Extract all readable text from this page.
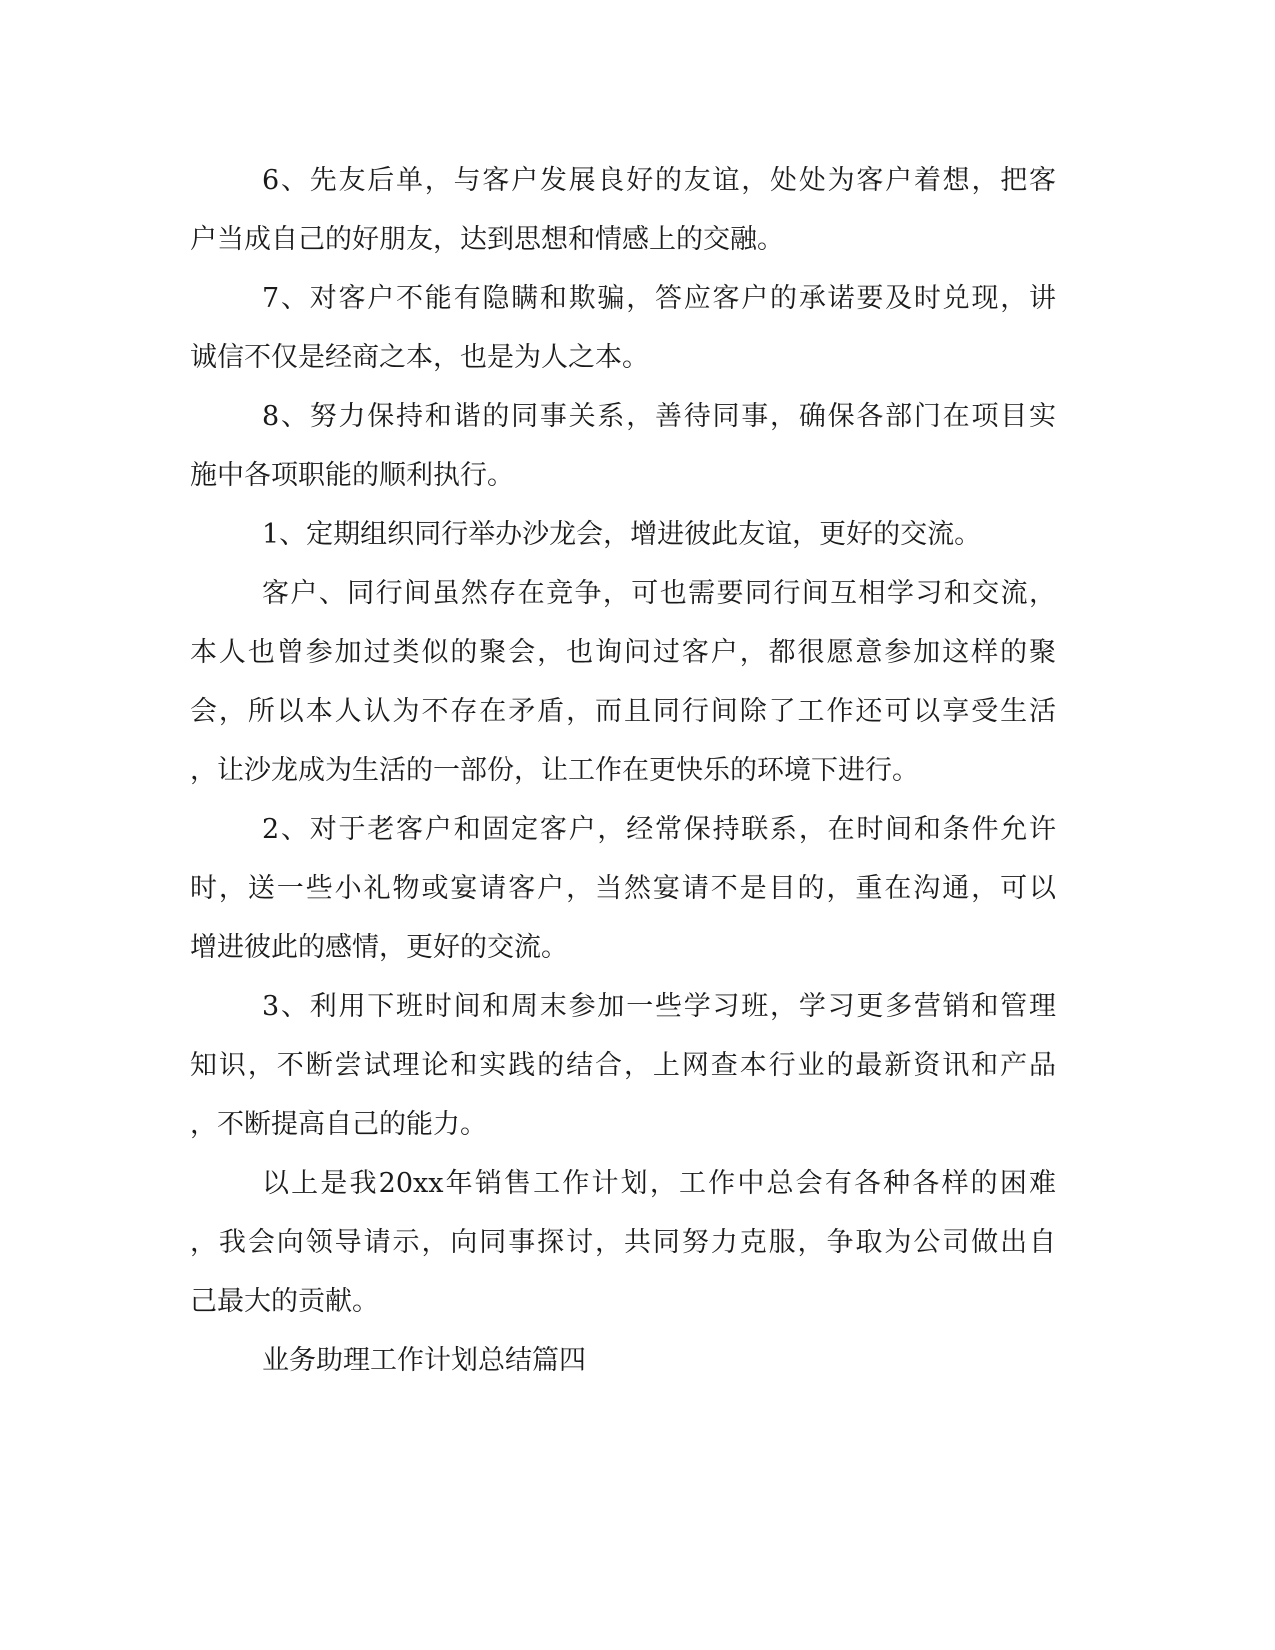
6、先友后单，与客户发展良好的友谊，处处为客户着想，把客
户当成自己的好朋友，达到思想和情感上的交融。
7、对客户不能有隐瞒和欺骗，答应客户的承诺要及时兑现，讲
诚信不仅是经商之本，也是为人之本。
8、努力保持和谐的同事关系，善待同事，确保各部门在项目实
施中各项职能的顺利执行。
1、定期组织同行举办沙龙会，增进彼此友谊，更好的交流。
客户、同行间虽然存在竞争，可也需要同行间互相学习和交流，
本人也曾参加过类似的聚会，也询问过客户，都很愿意参加这样的聚
会，所以本人认为不存在矛盾，而且同行间除了工作还可以享受生活
，让沙龙成为生活的一部份，让工作在更快乐的环境下进行。
2、对于老客户和固定客户，经常保持联系，在时间和条件允许
时，送一些小礼物或宴请客户，当然宴请不是目的，重在沟通，可以
增进彼此的感情，更好的交流。
3、利用下班时间和周末参加一些学习班，学习更多营销和管理
知识，不断尝试理论和实践的结合，上网查本行业的最新资讯和产品
，不断提高自己的能力。
以上是我20xx年销售工作计划，工作中总会有各种各样的困难
，我会向领导请示，向同事探讨，共同努力克服，争取为公司做出自
己最大的贡献。
业务助理工作计划总结篇四
